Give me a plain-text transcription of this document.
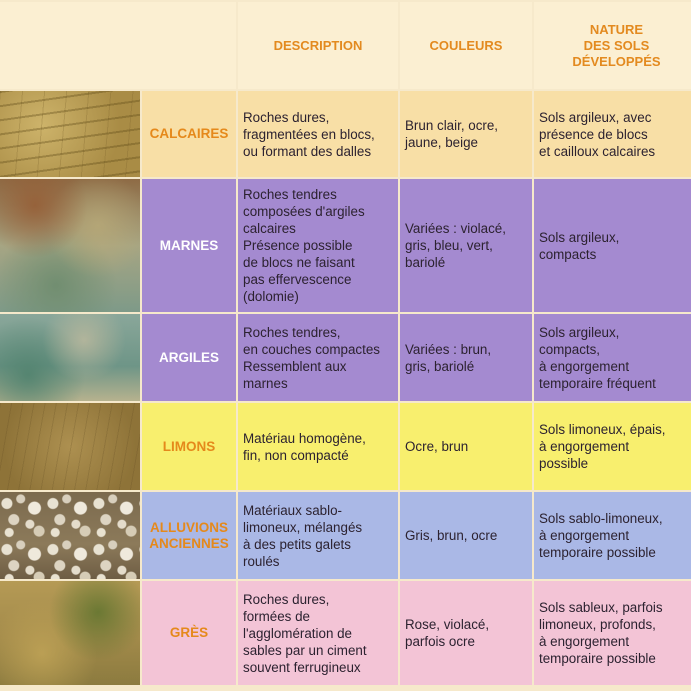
DESCRIPTION	COULEURS
NATURE
DES SOLS
DÉVELOPPÉS
CALCAIRES
Roches dures,
fragmentées en blocs,
ou formant des dalles
Brun clair, ocre,
jaune, beige
Sols argileux, avec
présence de blocs
et cailloux calcaires
MARNES
Roches tendres
composées d'argiles
calcaires
Présence possible
de blocs ne faisant
pas effervescence
(dolomie)
Variées : violacé,
gris, bleu, vert,
bariolé
Sols argileux,
compacts
ARGILES
Roches tendres,
en couches compactes
Ressemblent aux
marnes
Variées : brun,
gris, bariolé
Sols argileux,
compacts,
à engorgement
temporaire fréquent
LIMONS
Matériau homogène,
fin, non compacté
Ocre, brun
Sols limoneux, épais,
à engorgement
possible
ALLUVIONS
ANCIENNES
Matériaux sablo-
limoneux, mélangés
à des petits galets
roulés
Gris, brun, ocre
Sols sablo-limoneux,
à engorgement
temporaire possible
GRÈS
Roches dures,
formées de
l'agglomération de
sables par un ciment
souvent ferrugineux
Rose, violacé,
parfois ocre
Sols sableux, parfois
limoneux, profonds,
à engorgement
temporaire possible
